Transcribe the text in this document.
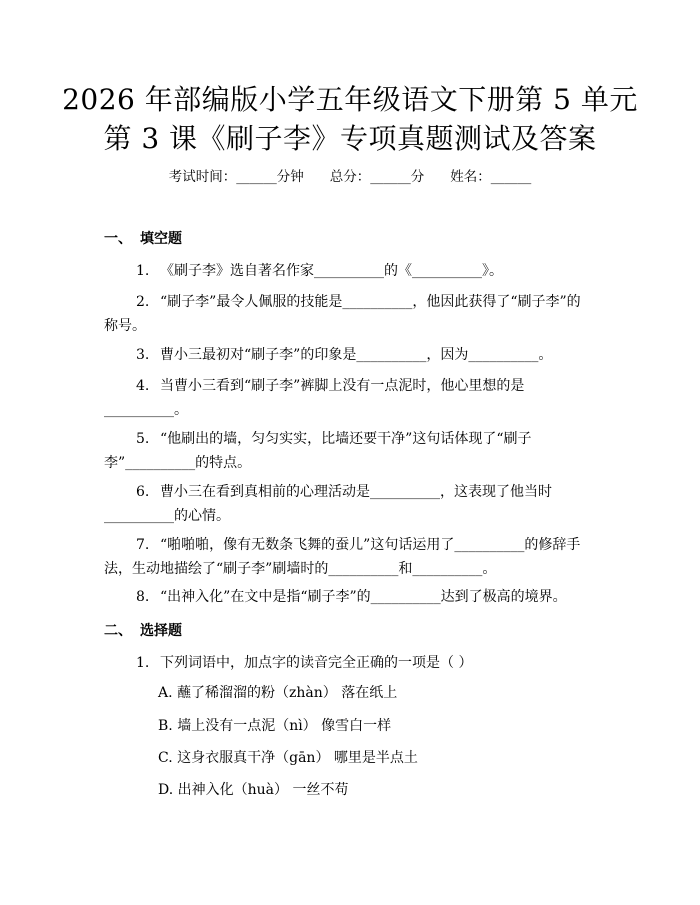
2026 年部编版小学五年级语文下册第 5 单元
第 3 课《刷子李》专项真题测试及答案
考试时间：______分钟 总分：______分 姓名：______
一、 填空题
1. 《刷子李》选自著名作家__________的《__________》。
2. “刷子李”最令人佩服的技能是__________，他因此获得了“刷子李”的
称号。
3. 曹小三最初对“刷子李”的印象是__________，因为__________。
4. 当曹小三看到“刷子李”裤脚上没有一点泥时，他心里想的是
__________。
5. “他刷出的墙，匀匀实实，比墙还要干净”这句话体现了“刷子
李”__________的特点。
6. 曹小三在看到真相前的心理活动是__________，这表现了他当时
__________的心情。
7. “啪啪啪，像有无数条飞舞的蚕儿”这句话运用了__________的修辞手
法，生动地描绘了“刷子李”刷墙时的__________和__________。
8. “出神入化”在文中是指“刷子李”的__________达到了极高的境界。
二、 选择题
1. 下列词语中，加点字的读音完全正确的一项是（ ）
A. 蘸了稀溜溜的粉（zhàn） 落在纸上
B. 墙上没有一点泥（nì） 像雪白一样
C. 这身衣服真干净（gān） 哪里是半点土
D. 出神入化（huà） 一丝不苟
